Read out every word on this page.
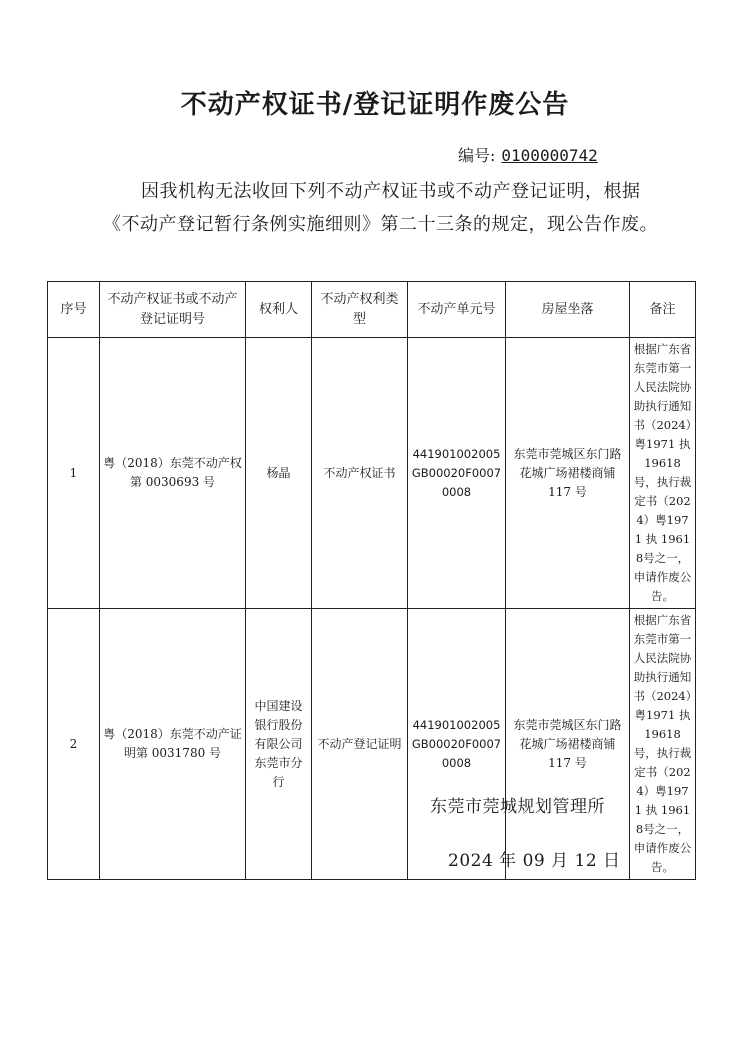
不动产权证书/登记证明作废公告
编号: 0100000742
因我机构无法收回下列不动产权证书或不动产登记证明，根据《不动产登记暂行条例实施细则》第二十三条的规定，现公告作废。
序号	不动产权证书或不动产登记证明号	权利人	不动产权利类型	不动产单元号	房屋坐落	备注
1	粤（2018）东莞不动产权第 0030693 号	杨晶	不动产权证书	441901002005GB00020F00070008	东莞市莞城区东门路花城广场裙楼商铺 117 号	根据广东省东莞市第一人民法院协助执行通知书（2024）粤1971 执 19618号，执行裁定书（2024）粤1971 执 19618号之一，申请作废公告。
2	粤（2018）东莞不动产证明第 0031780 号	中国建设银行股份有限公司东莞市分行	不动产登记证明	441901002005GB00020F00070008	东莞市莞城区东门路花城广场裙楼商铺 117 号	根据广东省东莞市第一人民法院协助执行通知书（2024）粤1971 执 19618号，执行裁定书（2024）粤1971 执 19618号之一，申请作废公告。
东莞市莞城规划管理所
2024 年 09 月 12 日
